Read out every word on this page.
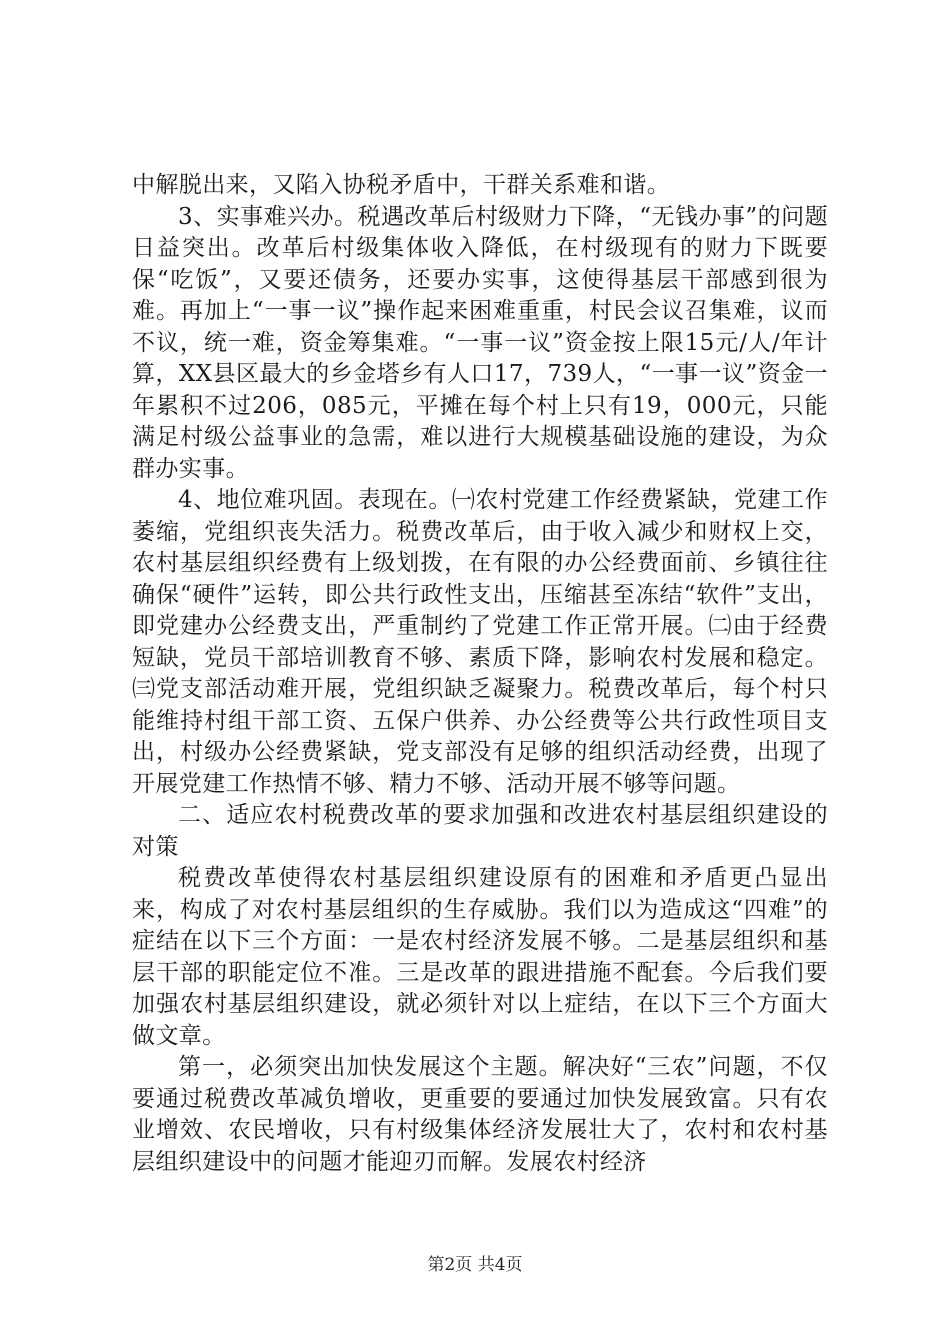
中解脱出来，又陷入协税矛盾中，干群关系难和谐。

3、实事难兴办。税遇改革后村级财力下降，“无钱办事”的问题日益突出。改革后村级集体收入降低，在村级现有的财力下既要保“吃饭”，又要还债务，还要办实事，这使得基层干部感到很为难。再加上“一事一议”操作起来困难重重，村民会议召集难，议而不议，统一难，资金筹集难。“一事一议”资金按上限15元/人/年计算，XX县区最大的乡金塔乡有人口17，739人，“一事一议”资金一年累积不过206，085元，平摊在每个村上只有19，000元，只能满足村级公益事业的急需，难以进行大规模基础设施的建设，为众群办实事。

4、地位难巩固。表现在。㈠农村党建工作经费紧缺，党建工作萎缩，党组织丧失活力。税费改革后，由于收入减少和财权上交，农村基层组织经费有上级划拨，在有限的办公经费面前、乡镇往往确保“硬件”运转，即公共行政性支出，压缩甚至冻结“软件”支出，即党建办公经费支出，严重制约了党建工作正常开展。㈡由于经费短缺，党员干部培训教育不够、素质下降，影响农村发展和稳定。㈢党支部活动难开展，党组织缺乏凝聚力。税费改革后，每个村只能维持村组干部工资、五保户供养、办公经费等公共行政性项目支出，村级办公经费紧缺，党支部没有足够的组织活动经费，出现了开展党建工作热情不够、精力不够、活动开展不够等问题。

二、适应农村税费改革的要求加强和改进农村基层组织建设的对策

税费改革使得农村基层组织建设原有的困难和矛盾更凸显出来，构成了对农村基层组织的生存威胁。我们以为造成这“四难”的症结在以下三个方面：一是农村经济发展不够。二是基层组织和基层干部的职能定位不准。三是改革的跟进措施不配套。今后我们要加强农村基层组织建设，就必须针对以上症结，在以下三个方面大做文章。

第一，必须突出加快发展这个主题。解决好“三农”问题，不仅要通过税费改革减负增收，更重要的要通过加快发展致富。只有农业增效、农民增收，只有村级集体经济发展壮大了，农村和农村基层组织建设中的问题才能迎刃而解。发展农村经济

第2页 共4页
